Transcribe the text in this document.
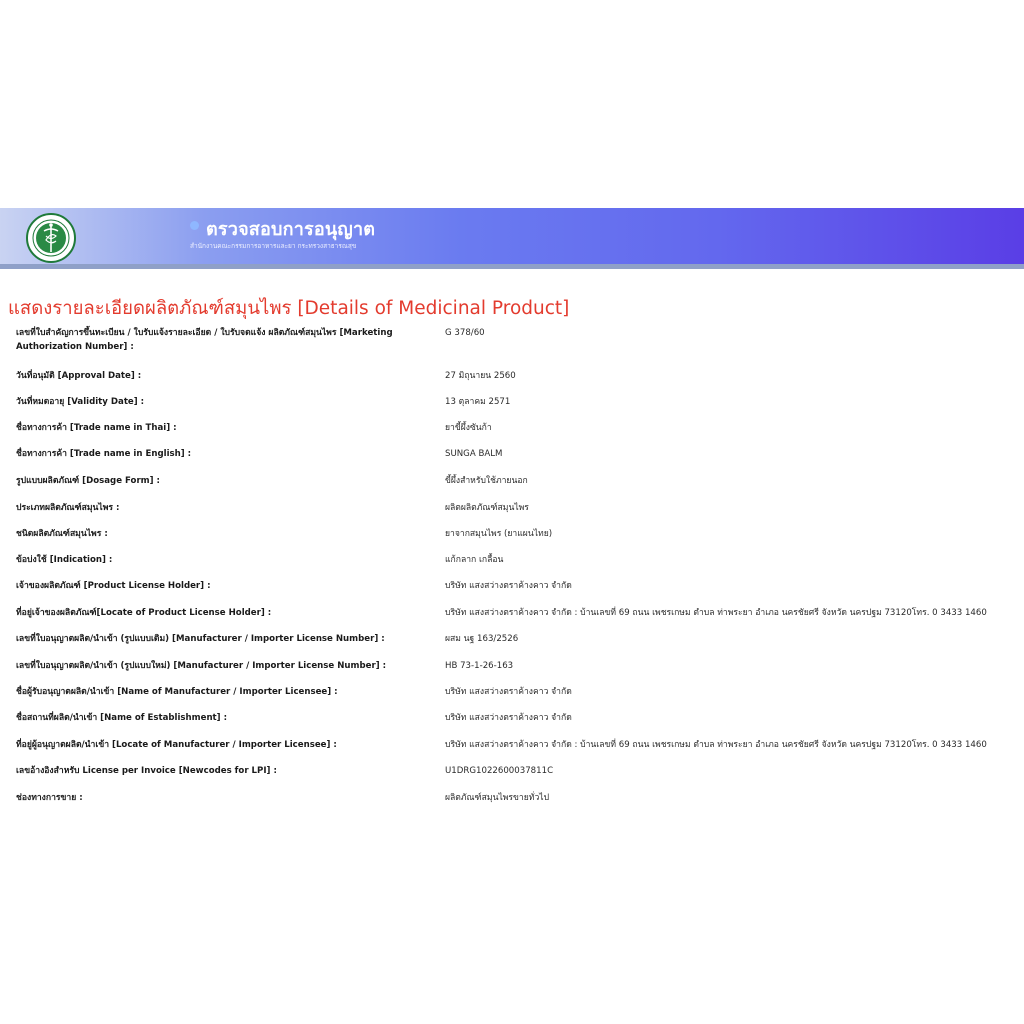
ตรวจสอบการอนุญาต
สำนักงานคณะกรรมการอาหารและยา กระทรวงสาธารณสุข
แสดงรายละเอียดผลิตภัณฑ์สมุนไพร [Details of Medicinal Product]
เลขที่ใบสำคัญการขึ้นทะเบียน / ใบรับแจ้งรายละเอียด / ใบรับจดแจ้ง ผลิตภัณฑ์สมุนไพร [Marketing Authorization Number] :
G 378/60
วันที่อนุมัติ [Approval Date] :	27 มิถุนายน 2560
วันที่หมดอายุ [Validity Date] :	13 ตุลาคม 2571
ชื่อทางการค้า [Trade name in Thai] :	ยาขี้ผึ้งซันก้า
ชื่อทางการค้า [Trade name in English] :	SUNGA BALM
รูปแบบผลิตภัณฑ์ [Dosage Form] :	ขี้ผึ้งสำหรับใช้ภายนอก
ประเภทผลิตภัณฑ์สมุนไพร :	ผลิตผลิตภัณฑ์สมุนไพร
ชนิดผลิตภัณฑ์สมุนไพร :	ยาจากสมุนไพร (ยาแผนไทย)
ข้อบ่งใช้ [Indication] :	แก้กลาก เกลื้อน
เจ้าของผลิตภัณฑ์ [Product License Holder] :	บริษัท แสงสว่างตราค้างคาว จำกัด
ที่อยู่เจ้าของผลิตภัณฑ์[Locate of Product License Holder] :	บริษัท แสงสว่างตราค้างคาว จำกัด : บ้านเลขที่ 69 ถนน เพชรเกษม ตำบล ท่าพระยา อำเภอ นครชัยศรี จังหวัด นครปฐม 73120โทร. 0 3433 1460
เลขที่ใบอนุญาตผลิต/นำเข้า (รูปแบบเดิม) [Manufacturer / Importer License Number] :	ผสม นฐ 163/2526
เลขที่ใบอนุญาตผลิต/นำเข้า (รูปแบบใหม่) [Manufacturer / Importer License Number] :	HB 73-1-26-163
ชื่อผู้รับอนุญาตผลิต/นำเข้า [Name of Manufacturer / Importer Licensee] :	บริษัท แสงสว่างตราค้างคาว จำกัด
ชื่อสถานที่ผลิต/นำเข้า [Name of Establishment] :	บริษัท แสงสว่างตราค้างคาว จำกัด
ที่อยู่ผู้อนุญาตผลิต/นำเข้า [Locate of Manufacturer / Importer Licensee] :	บริษัท แสงสว่างตราค้างคาว จำกัด : บ้านเลขที่ 69 ถนน เพชรเกษม ตำบล ท่าพระยา อำเภอ นครชัยศรี จังหวัด นครปฐม 73120โทร. 0 3433 1460
เลขอ้างอิงสำหรับ License per Invoice [Newcodes for LPI] :	U1DRG1022600037811C
ช่องทางการขาย :	ผลิตภัณฑ์สมุนไพรขายทั่วไป
